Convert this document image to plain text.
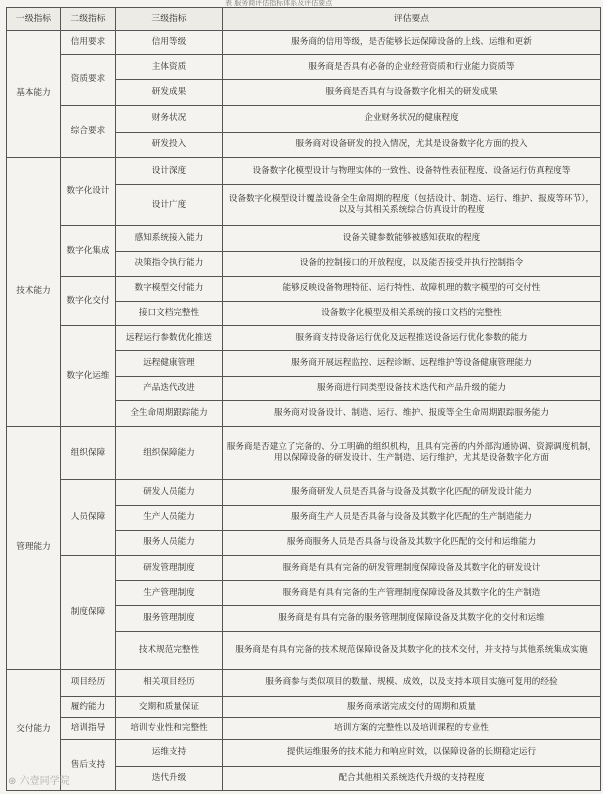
表 服务商评估指标体系及评估要点
一级指标	二级指标	三级指标	评估要点
基本能力	信用要求	信用等级	服务商的信用等级，是否能够长远保障设备的上线、运维和更新
	资质要求	主体资质	服务商是否具有必备的企业经营资质和行业能力资质等
		研发成果	服务商是否具有与设备数字化相关的研发成果
	综合要求	财务状况	企业财务状况的健康程度
		研发投入	服务商对设备研发的投入情况，尤其是设备数字化方面的投入
技术能力	数字化设计	设计深度	设备数字化模型设计与物理实体的一致性、设备特性表征程度、设备运行仿真程度等
		设计广度	设备数字化模型设计覆盖设备全生命周期的程度（包括设计、制造、运行、维护、报废等环节），以及与其相关系统综合仿真设计的程度
	数字化集成	感知系统接入能力	设备关键参数能够被感知获取的程度
		决策指令执行能力	设备的控制接口的开放程度，以及能否接受并执行控制指令
	数字化交付	数字模型交付能力	能够反映设备物理特征、运行特性、故障机理的数字模型的可交付性
		接口文档完整性	设备数字化模型及相关系统的接口文档的完整性
	数字化运维	远程运行参数优化推送	服务商支持设备运行优化及远程推送设备运行优化参数的能力
		远程健康管理	服务商开展远程监控、远程诊断、远程维护等设备健康管理能力
		产品迭代改进	服务商进行同类型设备技术迭代和产品升级的能力
		全生命周期跟踪能力	服务商对设备设计、制造、运行、维护、报废等全生命周期跟踪服务能力
管理能力	组织保障	组织保障能力	服务商是否建立了完备的、分工明确的组织机构，且具有完善的内外部沟通协调、资源调度机制，用以保障设备的研发设计、生产制造、运行维护，尤其是设备数字化方面
	人员保障	研发人员能力	服务商研发人员是否具备与设备及其数字化匹配的研发设计能力
		生产人员能力	服务商生产人员是否具备与设备及其数字化匹配的生产制造能力
		服务人员能力	服务商服务人员是否具备与设备及其数字化匹配的交付和运维能力
	制度保障	研发管理制度	服务商是有具有完备的研发管理制度保障设备及其数字化的研发设计
		生产管理制度	服务商是有具有完备的生产管理制度保障设备及其数字化的生产制造
		服务管理制度	服务商是有具有完备的服务管理制度保障设备及其数字化的交付和运维
		技术规范完整性	服务商是有具有完备的技术规范保障设备及其数字化的技术交付，并支持与其他系统集成实施
交付能力	项目经历	相关项目经历	服务商参与类似项目的数量、规模、成效，以及支持本项目实施可复用的经验
	履约能力	交期和质量保证	服务商承诺完成交付的周期和质量
	培训指导	培训专业性和完整性	培训方案的完整性以及培训课程的专业性
	售后支持	运维支持	提供运维服务的技术能力和响应时效，以保障设备的长期稳定运行
		迭代升级	配合其他相关系统迭代升级的支持程度
⊛ 六壹同学院
